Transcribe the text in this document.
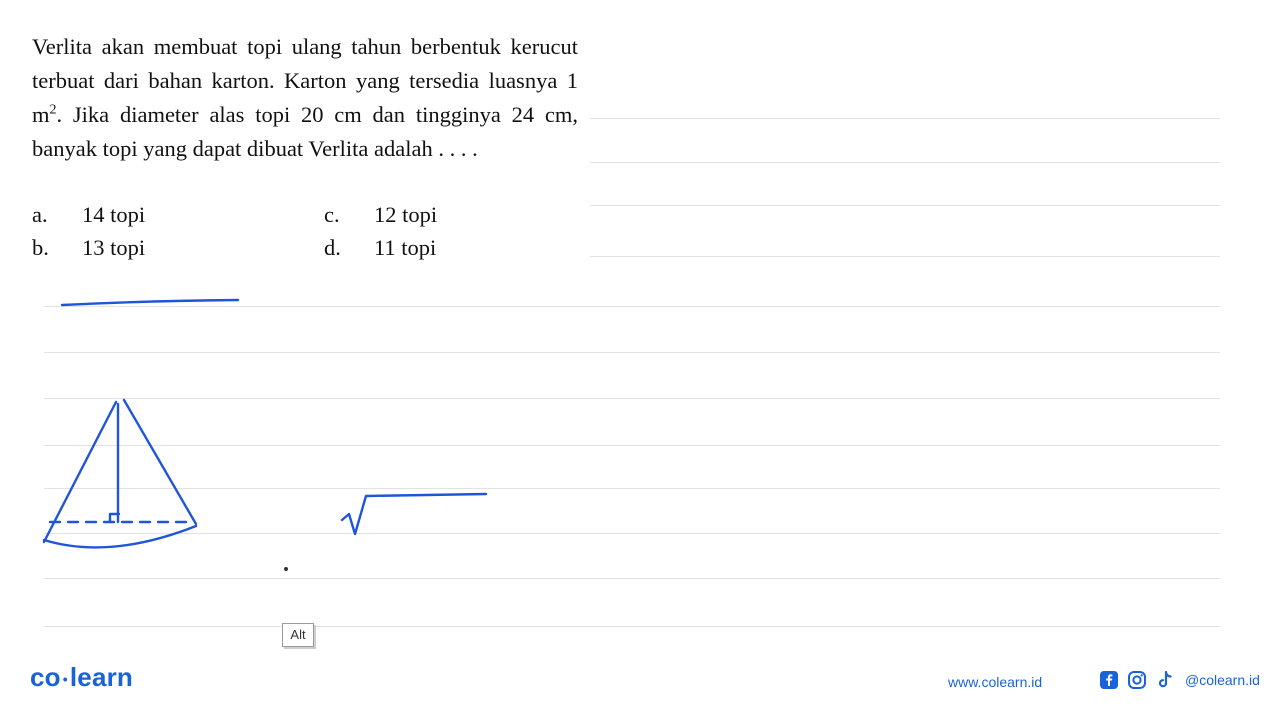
Verlita akan membuat topi ulang tahun berbentuk kerucut terbuat dari bahan karton. Karton yang tersedia luasnya 1 $m^2$. Jika diameter alas topi 20 cm dan tingginya 24 cm, banyak topi yang dapat dibuat Verlita adalah . . . .

a. 14 topi
b. 13 topi
c. 12 topi
d. 11 topi
luas Kardon
1 M 2 = 10.000 CM 2
S
24
10
S² = 24² + 10²
S² = 576 + 100
S = 676
Alt
co •learn	www.colearn.id	@colearn.id
